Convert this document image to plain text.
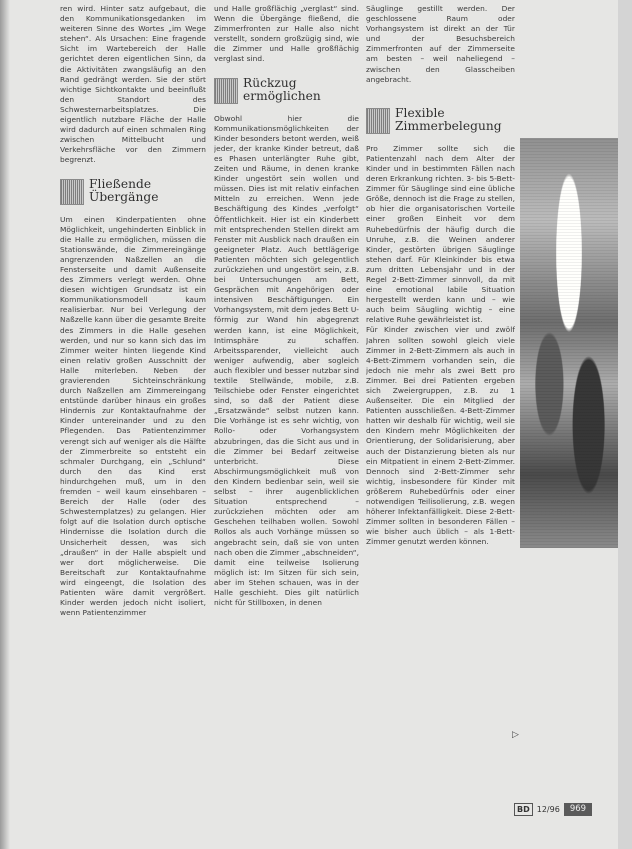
ren wird. Hinter satz aufgebaut, die den Kommunikationsgedanken im weiteren Sinne des Wortes „im Wege stehen“. Als Ursachen: Eine fragende Sicht im Wartebereich der Halle gerichtet deren eigentlichen Sinn, da die Aktivitäten zwangsläufig an den Rand gedrängt werden. Sie der stört wichtige Sichtkontakte und beeinflußt den Standort des Schwesternarbeitsplatzes. Die eigentlich nutzbare Fläche der Halle wird dadurch auf einen schmalen Ring zwischen Mittelbucht und Verkehrsfläche vor den Zimmern begrenzt.

Fließende Übergänge

Um einen Kinderpatienten ohne Möglichkeit, ungehinderten Einblick in die Halle zu ermöglichen, müssen die Stationswände, die Zimmereingänge angrenzenden Naßzellen an die Fensterseite und damit Außenseite des Zimmers verlegt werden. Ohne diesen wichtigen Grundsatz ist ein Kommunikationsmodell kaum realisierbar. Nur bei Verlegung der Naßzelle kann über die gesamte Breite des Zimmers in die Halle gesehen werden, und nur so kann sich das im Zimmer weiter hinten liegende Kind einen relativ großen Ausschnitt der Halle miterleben. Neben der gravierenden Sichteinschränkung durch Naßzellen am Zimmereingang entstünde darüber hinaus ein großes Hindernis zur Kontaktaufnahme der Kinder untereinander und zu den Pflegenden. Das Patientenzimmer verengt sich auf weniger als die Hälfte der Zimmerbreite so entsteht ein schmaler Durchgang, ein „Schlund“ durch den das Kind erst hindurchgehen muß, um in den fremden – weil kaum einsehbaren – Bereich der Halle (oder des Schwesternplatzes) zu gelangen. Hier folgt auf die Isolation durch optische Hindernisse die Isolation durch die Unsicherheit dessen, was sich „draußen“ in der Halle abspielt und wer dort möglicherweise. Die Bereitschaft zur Kontaktaufnahme wird eingeengt, die Isolation des Patienten wäre damit vergrößert. Kinder werden jedoch nicht isoliert, wenn Patientenzimmer

und Halle großflächig „verglast“ sind. Wenn die Übergänge fließend, die Zimmerfronten zur Halle also nicht verstellt, sondern großzügig sind, wie die Zimmer und Halle großflächig verglast sind.

Rückzug ermöglichen

Obwohl hier die Kommunikationsmöglichkeiten der Kinder besonders betont werden, weiß jeder, der kranke Kinder betreut, daß es Phasen unterlängter Ruhe gibt, Zeiten und Räume, in denen kranke Kinder ungestört sein wollen und müssen. Dies ist mit relativ einfachen Mitteln zu erreichen. Wenn jede Beschäftigung des Kindes „verfolgt“ Öffentlichkeit. Hier ist ein Kinderbett mit entsprechenden Stellen direkt am Fenster mit Ausblick nach draußen ein geeigneter Platz. Auch bettlägerige Patienten möchten sich gelegentlich zurückziehen und ungestört sein, z.B. bei Untersuchungen am Bett, Gesprächen mit Angehörigen oder intensiven Beschäftigungen. Ein Vorhangsystem, mit dem jedes Bett U-förmig zur Wand hin abgegrenzt werden kann, ist eine Möglichkeit, Intimsphäre zu schaffen. Arbeitssparender, vielleicht auch weniger aufwendig, aber sogleich auch flexibler und besser nutzbar sind textile Stellwände, mobile, z.B. Teilschiebe oder Fenster eingerichtet sind, so daß der Patient diese „Ersatzwände“ selbst nutzen kann. Die Vorhänge ist es sehr wichtig, von Rollo- oder Vorhangsystem abzubringen, das die Sicht aus und in die Zimmer bei Bedarf zeitweise unterbricht. Diese Abschirmungsmöglichkeit muß von den Kindern bedienbar sein, weil sie selbst – ihrer augenblicklichen Situation entsprechend – zurückziehen möchten oder am Geschehen teilhaben wollen. Sowohl Rollos als auch Vorhänge müssen so angebracht sein, daß sie von unten nach oben die Zimmer „abschneiden“, damit eine teilweise Isolierung möglich ist: Im Sitzen für sich sein, aber im Stehen schauen, was in der Halle geschieht. Dies gilt natürlich nicht für Stillboxen, in denen

Säuglinge gestillt werden. Der geschlossene Raum oder Vorhangsystem ist direkt an der Tür und der Besuchsbereich Zimmerfronten auf der Zimmerseite am besten – weil naheliegend – zwischen den Glasscheiben angebracht.

Flexible Zimmerbelegung

Pro Zimmer sollte sich die Patientenzahl nach dem Alter der Kinder und in bestimmten Fällen nach deren Erkrankung richten. 3- bis 5-Bett-Zimmer für Säuglinge sind eine übliche Größe, dennoch ist die Frage zu stellen, ob hier die organisatorischen Vorteile einer großen Einheit vor dem Ruhebedürfnis der häufig durch die Unruhe, z.B. die Weinen anderer Kinder, gestörten übrigen Säuglinge stehen darf. Für Kleinkinder bis etwa zum dritten Lebensjahr und in der Regel 2-Bett-Zimmer sinnvoll, da mit eine emotional labile Situation hergestellt werden kann und – wie auch beim Säugling wichtig – eine relative Ruhe gewährleistet ist.

Für Kinder zwischen vier und zwölf Jahren sollten sowohl gleich viele Zimmer in 2-Bett-Zimmern als auch in 4-Bett-Zimmern vorhanden sein, die jedoch nie mehr als zwei Bett pro Zimmer. Bei drei Patienten ergeben sich Zweiergruppen, z.B. zu 1 Außenseiter. Die ein Mitglied der Patienten ausschließen. 4-Bett-Zimmer hatten wir deshalb für wichtig, weil sie den Kindern mehr Möglichkeiten der Orientierung, der Solidarisierung, aber auch der Distanzierung bieten als nur ein Mitpatient in einem 2-Bett-Zimmer. Dennoch sind 2-Bett-Zimmer sehr wichtig, insbesondere für Kinder mit größerem Ruhebedürfnis oder einer notwendigen Teilisolierung, z.B. wegen höherer Infektanfälligkeit. Diese 2-Bett-Zimmer sollten in besonderen Fällen – wie bisher auch üblich – als 1-Bett-Zimmer genutzt werden können.

▷
BD 12/96	969
